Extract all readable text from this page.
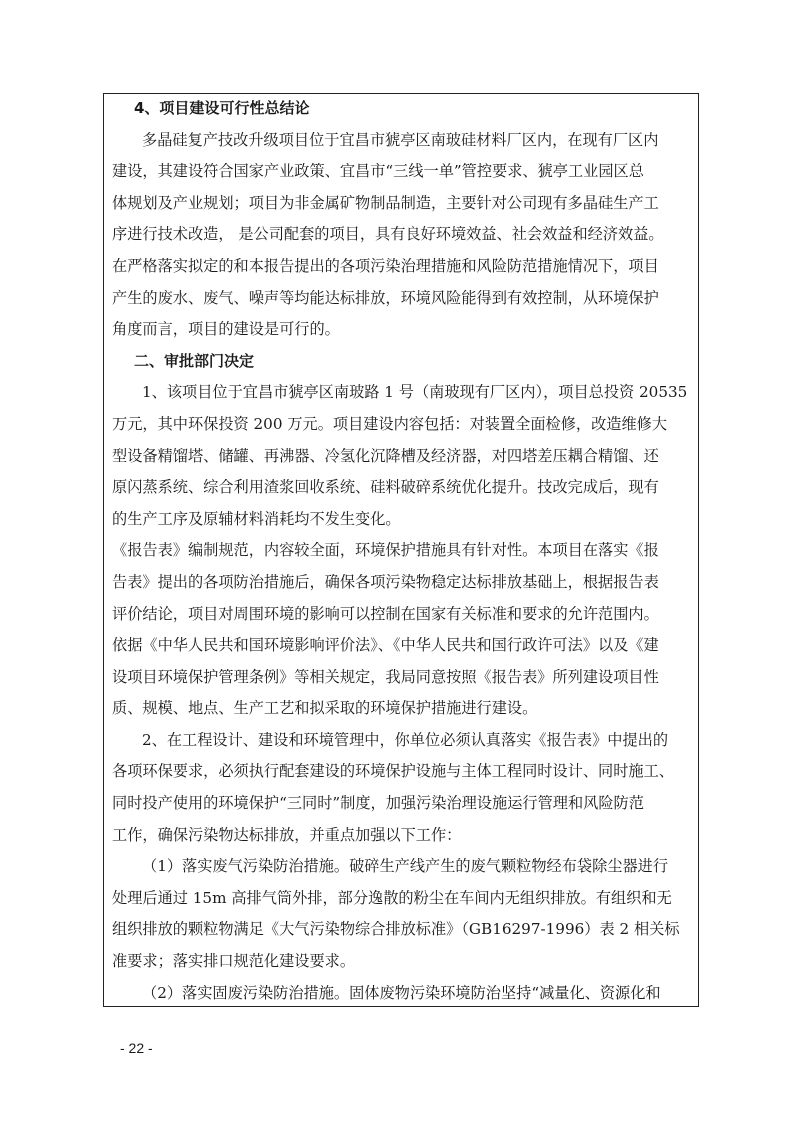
4、项目建设可行性总结论
多晶硅复产技改升级项目位于宜昌市猇亭区南玻硅材料厂区内，在现有厂区内
建设，其建设符合国家产业政策、宜昌市“三线一单”管控要求、猇亭工业园区总
体规划及产业规划；项目为非金属矿物制品制造，主要针对公司现有多晶硅生产工
序进行技术改造， 是公司配套的项目，具有良好环境效益、社会效益和经济效益。
在严格落实拟定的和本报告提出的各项污染治理措施和风险防范措施情况下，项目
产生的废水、废气、噪声等均能达标排放，环境风险能得到有效控制，从环境保护
角度而言，项目的建设是可行的。
二、审批部门决定
1、该项目位于宜昌市猇亭区南玻路 1 号（南玻现有厂区内），项目总投资 20535
万元，其中环保投资 200 万元。项目建设内容包括：对装置全面检修，改造维修大
型设备精馏塔、储罐、再沸器、冷氢化沉降槽及经济器，对四塔差压耦合精馏、还
原闪蒸系统、综合利用渣浆回收系统、硅料破碎系统优化提升。技改完成后，现有
的生产工序及原辅材料消耗均不发生变化。
《报告表》编制规范，内容较全面，环境保护措施具有针对性。本项目在落实《报
告表》提出的各项防治措施后，确保各项污染物稳定达标排放基础上，根据报告表
评价结论，项目对周围环境的影响可以控制在国家有关标准和要求的允许范围内。
依据《中华人民共和国环境影响评价法》、《中华人民共和国行政许可法》以及《建
设项目环境保护管理条例》等相关规定，我局同意按照《报告表》所列建设项目性
质、规模、地点、生产工艺和拟采取的环境保护措施进行建设。
2、在工程设计、建设和环境管理中，你单位必须认真落实《报告表》中提出的
各项环保要求，必须执行配套建设的环境保护设施与主体工程同时设计、同时施工、
同时投产使用的环境保护“三同时”制度，加强污染治理设施运行管理和风险防范
工作，确保污染物达标排放，并重点加强以下工作：
（1）落实废气污染防治措施。破碎生产线产生的废气颗粒物经布袋除尘器进行
处理后通过 15m 高排气筒外排，部分逸散的粉尘在车间内无组织排放。有组织和无
组织排放的颗粒物满足《大气污染物综合排放标准》（GB16297-1996）表 2 相关标
准要求；落实排口规范化建设要求。
（2）落实固废污染防治措施。固体废物污染环境防治坚持“减量化、资源化和
- 22 -
